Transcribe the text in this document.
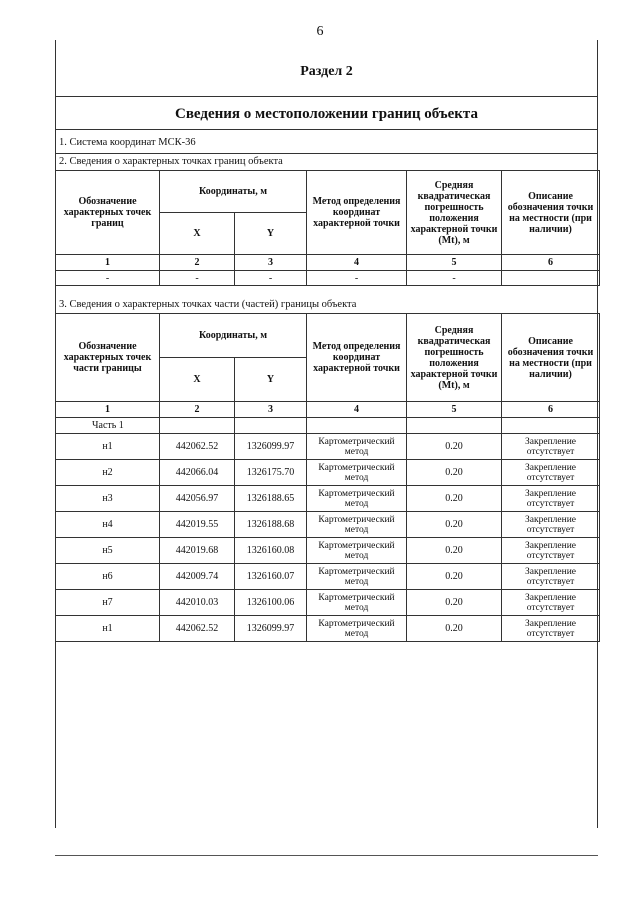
6
Раздел 2
Сведения о местоположении границ объекта
1. Система координат МСК-36
2. Сведения о характерных точках границ объекта
Обозначение характерных точек границ	Координаты, м		Метод определения координат характерной точки	Средняя квадратическая погрешность положения характерной точки (Mt), м	Описание обозначения точки на местности (при наличии)
	X	Y			
1	2	3	4	5	6
-	-	-	-	-	
3. Сведения о характерных точках части (частей) границы объекта
Обозначение характерных точек части границы	Координаты, м		Метод определения координат характерной точки	Средняя квадратическая погрешность положения характерной точки (Mt), м	Описание обозначения точки на местности (при наличии)
	X	Y			
1	2	3	4	5	6
Часть 1					
н1	442062.52	1326099.97	Картометрический метод	0.20	Закрепление отсутствует
н2	442066.04	1326175.70	Картометрический метод	0.20	Закрепление отсутствует
н3	442056.97	1326188.65	Картометрический метод	0.20	Закрепление отсутствует
н4	442019.55	1326188.68	Картометрический метод	0.20	Закрепление отсутствует
н5	442019.68	1326160.08	Картометрический метод	0.20	Закрепление отсутствует
н6	442009.74	1326160.07	Картометрический метод	0.20	Закрепление отсутствует
н7	442010.03	1326100.06	Картометрический метод	0.20	Закрепление отсутствует
н1	442062.52	1326099.97	Картометрический метод	0.20	Закрепление отсутствует
